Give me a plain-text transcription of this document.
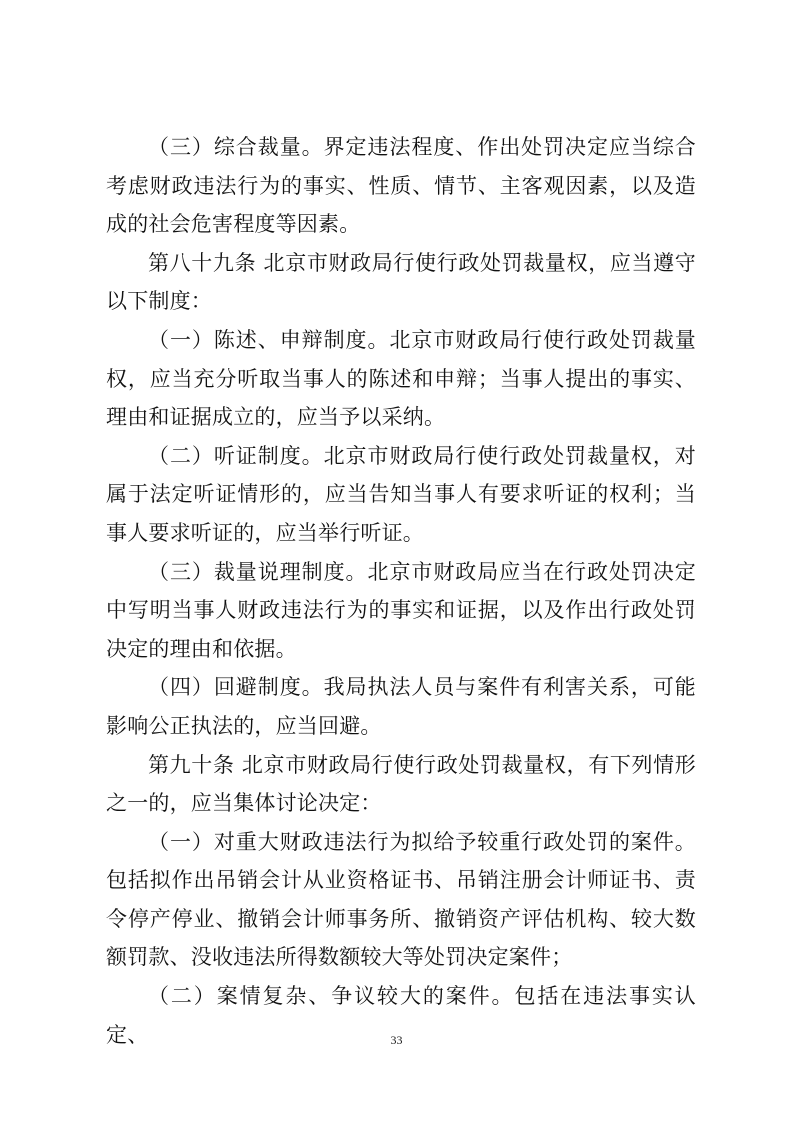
（三）综合裁量。界定违法程度、作出处罚决定应当综合考虑财政违法行为的事实、性质、情节、主客观因素，以及造成的社会危害程度等因素。

第八十九条 北京市财政局行使行政处罚裁量权，应当遵守以下制度：

（一）陈述、申辩制度。北京市财政局行使行政处罚裁量权，应当充分听取当事人的陈述和申辩；当事人提出的事实、理由和证据成立的，应当予以采纳。

（二）听证制度。北京市财政局行使行政处罚裁量权，对属于法定听证情形的，应当告知当事人有要求听证的权利；当事人要求听证的，应当举行听证。

（三）裁量说理制度。北京市财政局应当在行政处罚决定中写明当事人财政违法行为的事实和证据，以及作出行政处罚决定的理由和依据。

（四）回避制度。我局执法人员与案件有利害关系，可能影响公正执法的，应当回避。

第九十条 北京市财政局行使行政处罚裁量权，有下列情形之一的，应当集体讨论决定：

（一）对重大财政违法行为拟给予较重行政处罚的案件。包括拟作出吊销会计从业资格证书、吊销注册会计师证书、责令停产停业、撤销会计师事务所、撤销资产评估机构、较大数额罚款、没收违法所得数额较大等处罚决定案件；

（二）案情复杂、争议较大的案件。包括在违法事实认定、	33
